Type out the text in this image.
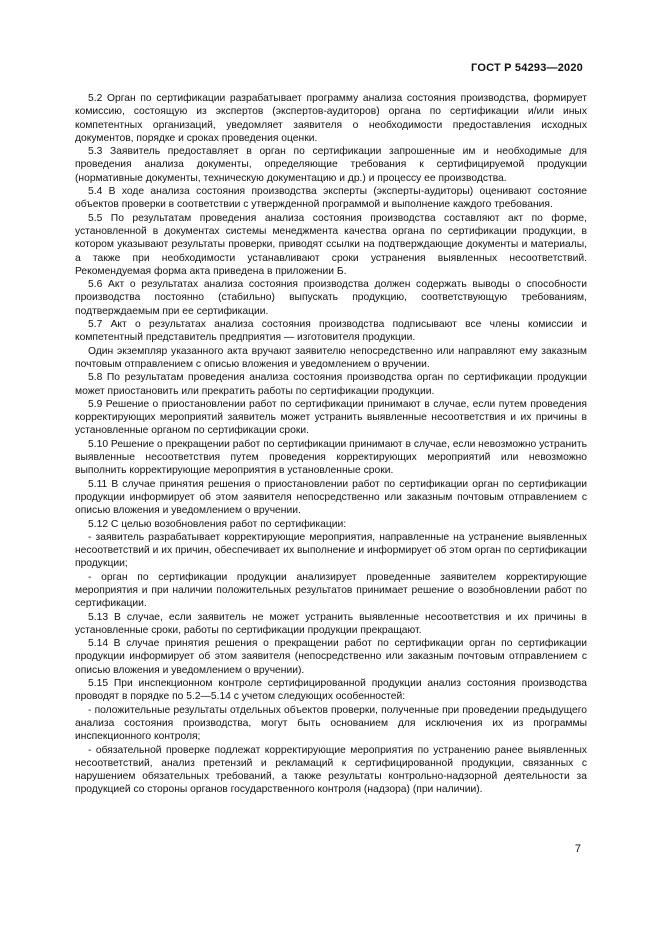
ГОСТ Р 54293—2020

5.2 Орган по сертификации разрабатывает программу анализа состояния производства, формирует комиссию, состоящую из экспертов (экспертов-аудиторов) органа по сертификации и/или иных компетентных организаций, уведомляет заявителя о необходимости предоставления исходных документов, порядке и сроках проведения оценки.

5.3 Заявитель предоставляет в орган по сертификации запрошенные им и необходимые для проведения анализа документы, определяющие требования к сертифицируемой продукции (нормативные документы, техническую документацию и др.) и процессу ее производства.

5.4 В ходе анализа состояния производства эксперты (эксперты-аудиторы) оценивают состояние объектов проверки в соответствии с утвержденной программой и выполнение каждого требования.

5.5 По результатам проведения анализа состояния производства составляют акт по форме, установленной в документах системы менеджмента качества органа по сертификации продукции, в котором указывают результаты проверки, приводят ссылки на подтверждающие документы и материалы, а также при необходимости устанавливают сроки устранения выявленных несоответствий. Рекомендуемая форма акта приведена в приложении Б.

5.6 Акт о результатах анализа состояния производства должен содержать выводы о способности производства постоянно (стабильно) выпускать продукцию, соответствующую требованиям, подтверждаемым при ее сертификации.

5.7 Акт о результатах анализа состояния производства подписывают все члены комиссии и компетентный представитель предприятия — изготовителя продукции.

Один экземпляр указанного акта вручают заявителю непосредственно или направляют ему заказным почтовым отправлением с описью вложения и уведомлением о вручении.

5.8 По результатам проведения анализа состояния производства орган по сертификации продукции может приостановить или прекратить работы по сертификации продукции.

5.9 Решение о приостановлении работ по сертификации принимают в случае, если путем проведения корректирующих мероприятий заявитель может устранить выявленные несоответствия и их причины в установленные органом по сертификации сроки.

5.10 Решение о прекращении работ по сертификации принимают в случае, если невозможно устранить выявленные несоответствия путем проведения корректирующих мероприятий или невозможно выполнить корректирующие мероприятия в установленные сроки.

5.11 В случае принятия решения о приостановлении работ по сертификации орган по сертификации продукции информирует об этом заявителя непосредственно или заказным почтовым отправлением с описью вложения и уведомлением о вручении.

5.12 С целью возобновления работ по сертификации:

- заявитель разрабатывает корректирующие мероприятия, направленные на устранение выявленных несоответствий и их причин, обеспечивает их выполнение и информирует об этом орган по сертификации продукции;

- орган по сертификации продукции анализирует проведенные заявителем корректирующие мероприятия и при наличии положительных результатов принимает решение о возобновлении работ по сертификации.

5.13 В случае, если заявитель не может устранить выявленные несоответствия и их причины в установленные сроки, работы по сертификации продукции прекращают.

5.14 В случае принятия решения о прекращении работ по сертификации орган по сертификации продукции информирует об этом заявителя (непосредственно или заказным почтовым отправлением с описью вложения и уведомлением о вручении).

5.15 При инспекционном контроле сертифицированной продукции анализ состояния производства проводят в порядке по 5.2—5.14 с учетом следующих особенностей:

- положительные результаты отдельных объектов проверки, полученные при проведении предыдущего анализа состояния производства, могут быть основанием для исключения их из программы инспекционного контроля;

- обязательной проверке подлежат корректирующие мероприятия по устранению ранее выявленных несоответствий, анализ претензий и рекламаций к сертифицированной продукции, связанных с нарушением обязательных требований, а также результаты контрольно-надзорной деятельности за продукцией со стороны органов государственного контроля (надзора) (при наличии).

7
